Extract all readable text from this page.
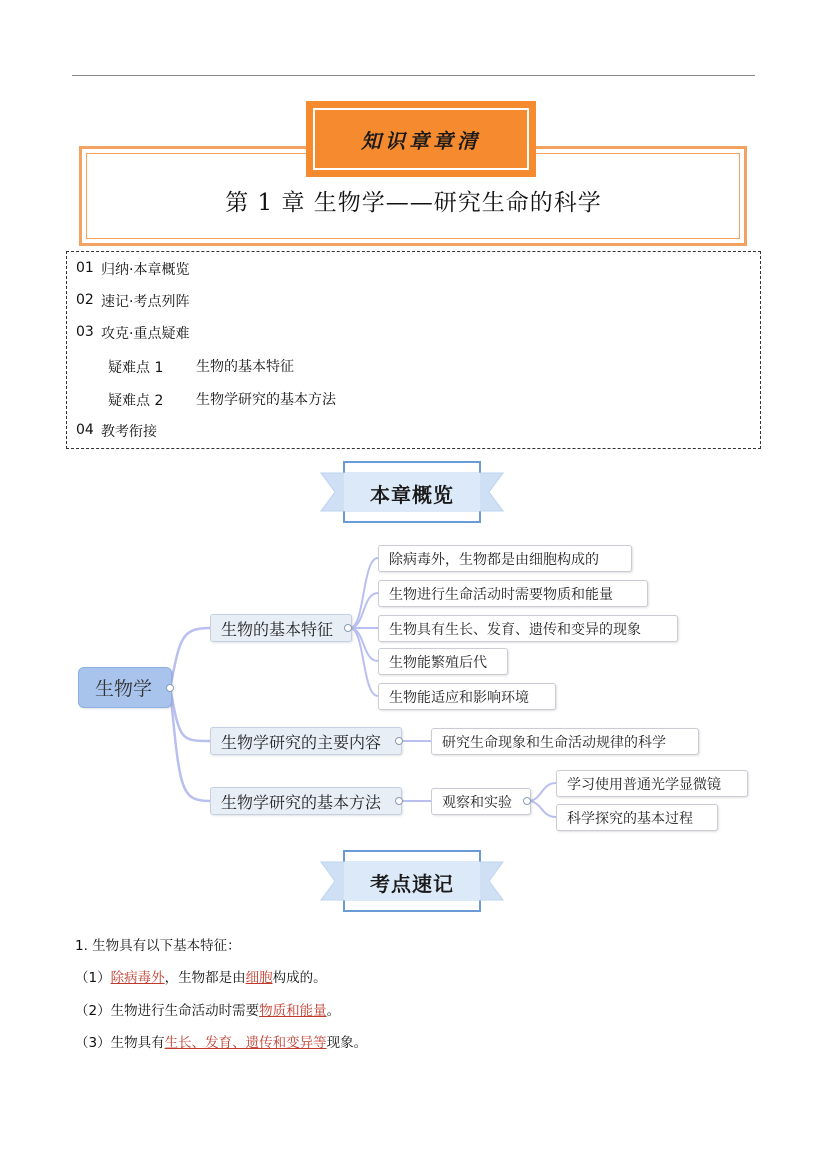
知识章章清
第 1 章 生物学——研究生命的科学
01 归纳·本章概览
02 速记·考点列阵
03 攻克·重点疑难
疑难点 1 生物的基本特征
疑难点 2 生物学研究的基本方法
04 教考衔接
本章概览
生物学
生物的基本特征
生物学研究的主要内容
生物学研究的基本方法
除病毒外，生物都是由细胞构成的
生物进行生命活动时需要物质和能量
生物具有生长、发育、遗传和变异的现象
生物能繁殖后代
生物能适应和影响环境
研究生命现象和生命活动规律的科学
观察和实验
学习使用普通光学显微镜
科学探究的基本过程
考点速记
1. 生物具有以下基本特征：
（1）除病毒外，生物都是由细胞构成的。
（2）生物进行生命活动时需要物质和能量。
（3）生物具有生长、发育、遗传和变异等现象。
